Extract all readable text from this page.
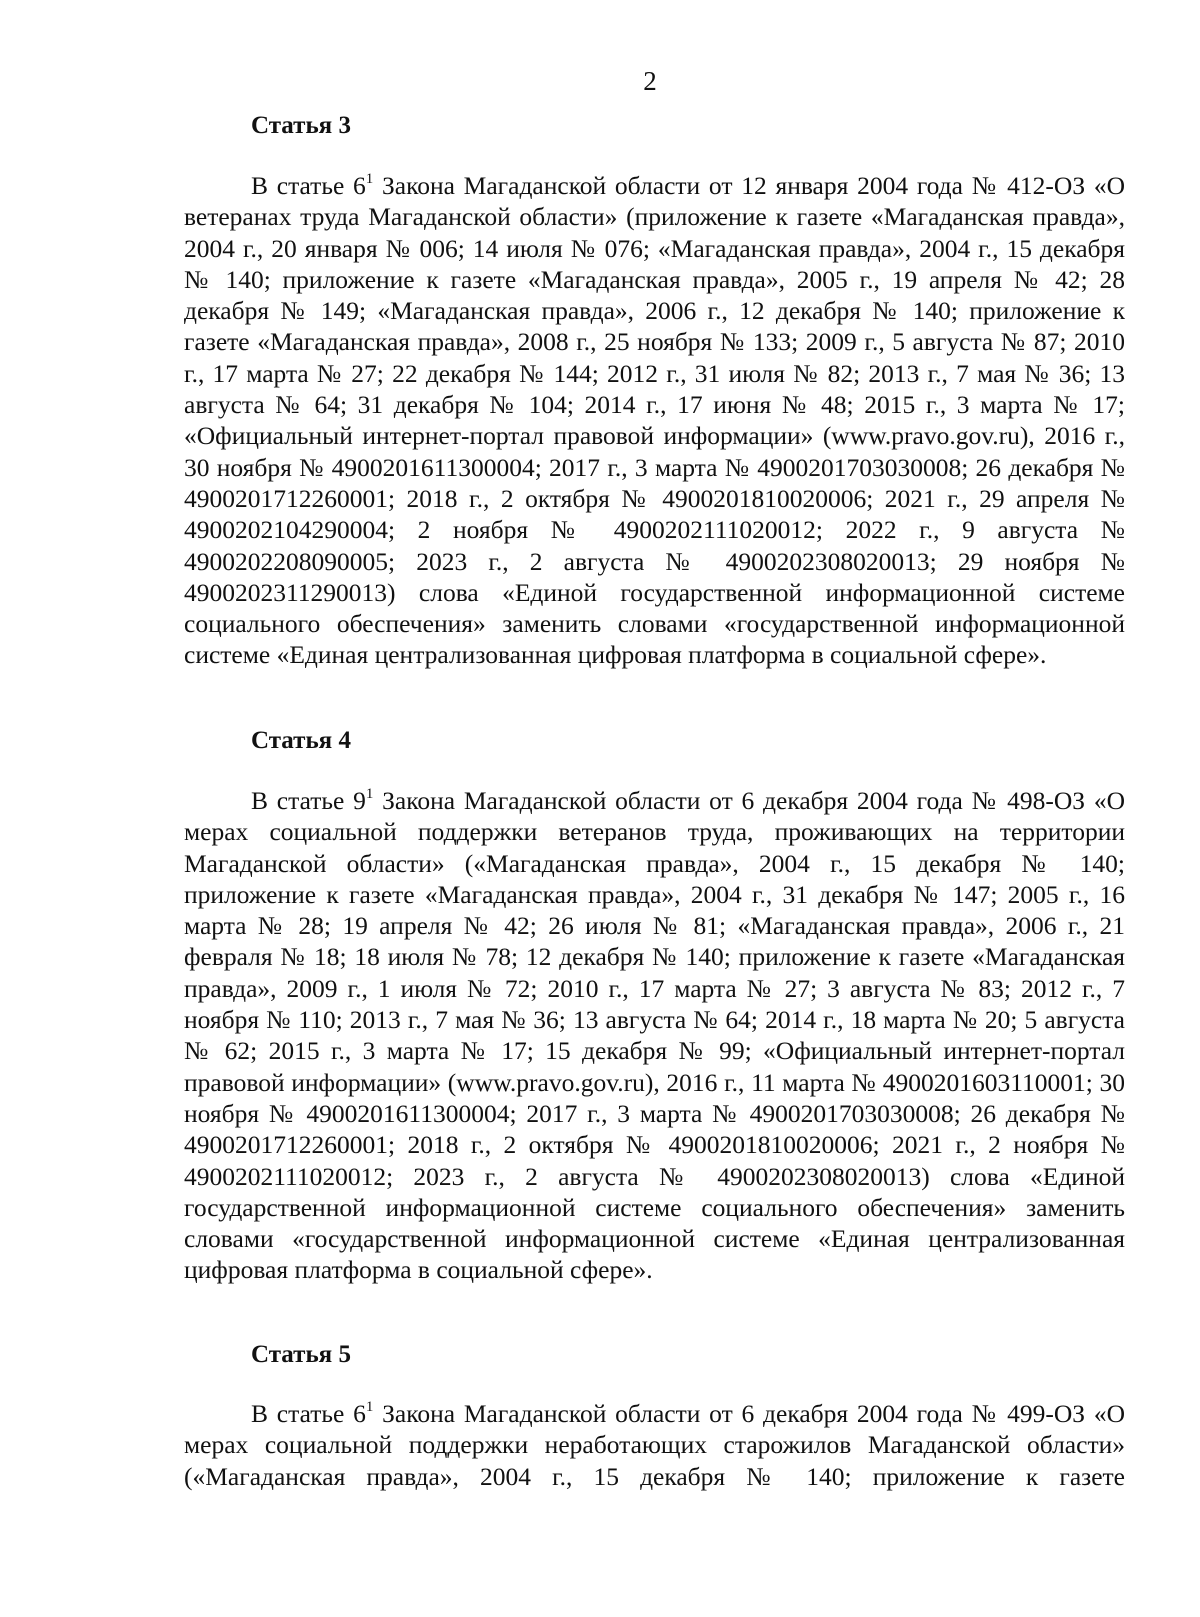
2
Статья 3

В статье $6^1$ Закона Магаданской области от 12 января 2004 года № 412-ОЗ «О ветеранах труда Магаданской области» (приложение к газете «Магаданская правда», 2004 г., 20 января № 006; 14 июля № 076; «Магаданская правда», 2004 г., 15 декабря № 140; приложение к газете «Магаданская правда», 2005 г., 19 апреля № 42; 28 декабря № 149; «Магаданская правда», 2006 г., 12 декабря № 140; приложение к газете «Магаданская правда», 2008 г., 25 ноября № 133; 2009 г., 5 августа № 87; 2010 г., 17 марта № 27; 22 декабря № 144; 2012 г., 31 июля № 82; 2013 г., 7 мая № 36; 13 августа № 64; 31 декабря № 104; 2014 г., 17 июня № 48; 2015 г., 3 марта № 17; «Официальный интернет-портал правовой информации» (www.pravo.gov.ru), 2016 г., 30 ноября № 4900201611300004; 2017 г., 3 марта № 4900201703030008; 26 декабря № 4900201712260001; 2018 г., 2 октября № 4900201810020006; 2021 г., 29 апреля № 4900202104290004; 2 ноября № 4900202111020012; 2022 г., 9 августа № 4900202208090005; 2023 г., 2 августа № 4900202308020013; 29 ноября № 4900202311290013) слова «Единой государственной информационной системе социального обеспечения» заменить словами «государственной информационной системе «Единая централизованная цифровая платформа в социальной сфере».

Статья 4

В статье $9^1$ Закона Магаданской области от 6 декабря 2004 года № 498-ОЗ «О мерах социальной поддержки ветеранов труда, проживающих на территории Магаданской области» («Магаданская правда», 2004 г., 15 декабря № 140; приложение к газете «Магаданская правда», 2004 г., 31 декабря № 147; 2005 г., 16 марта № 28; 19 апреля № 42; 26 июля № 81; «Магаданская правда», 2006 г., 21 февраля № 18; 18 июля № 78; 12 декабря № 140; приложение к газете «Магаданская правда», 2009 г., 1 июля № 72; 2010 г., 17 марта № 27; 3 августа № 83; 2012 г., 7 ноября № 110; 2013 г., 7 мая № 36; 13 августа № 64; 2014 г., 18 марта № 20; 5 августа № 62; 2015 г., 3 марта № 17; 15 декабря № 99; «Официальный интернет-портал правовой информации» (www.pravo.gov.ru), 2016 г., 11 марта № 4900201603110001; 30 ноября № 4900201611300004; 2017 г., 3 марта № 4900201703030008; 26 декабря № 4900201712260001; 2018 г., 2 октября № 4900201810020006; 2021 г., 2 ноября № 4900202111020012; 2023 г., 2 августа № 4900202308020013) слова «Единой государственной информационной системе социального обеспечения» заменить словами «государственной информационной системе «Единая централизованная цифровая платформа в социальной сфере».

Статья 5

В статье $6^1$ Закона Магаданской области от 6 декабря 2004 года № 499-ОЗ «О мерах социальной поддержки неработающих старожилов Магаданской области» («Магаданская правда», 2004 г., 15 декабря № 140; приложение к газете
